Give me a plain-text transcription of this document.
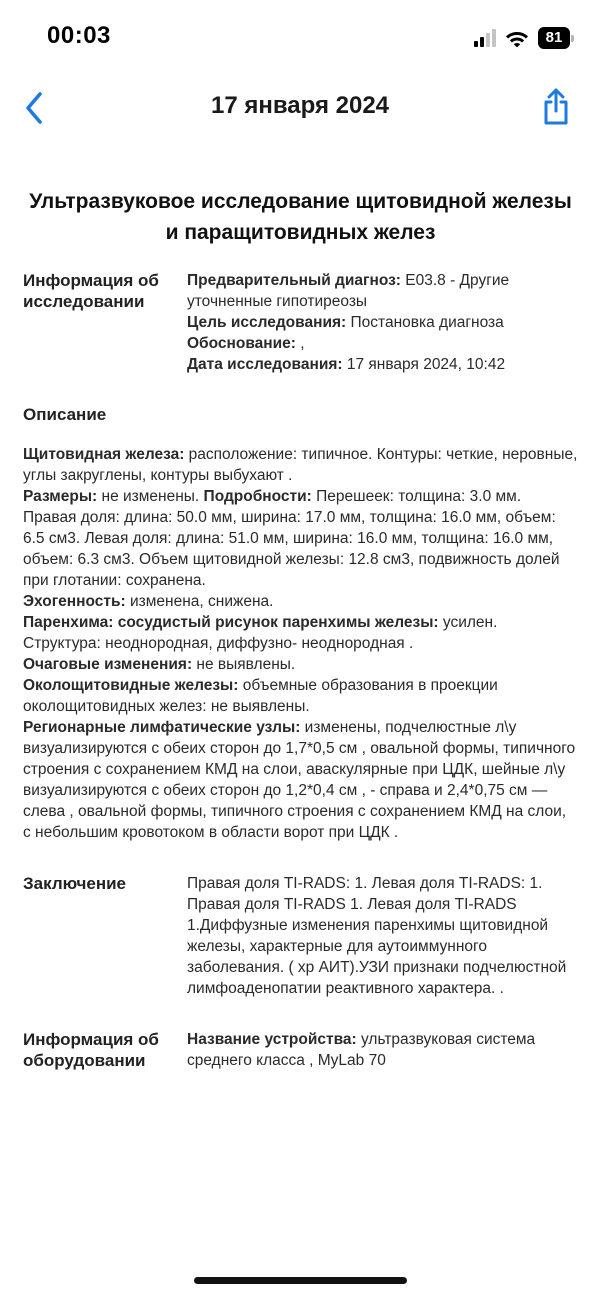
00:03	81
17 января 2024
Ультразвуковое исследование щитовидной железы и паращитовидных желез
Информация об исследовании
Предварительный диагноз: E03.8 - Другие уточненные гипотиреозы
Цель исследования: Постановка диагноза
Обоснование: ,
Дата исследования: 17 января 2024, 10:42
Описание

Щитовидная железа: расположение: типичное. Контуры: четкие, неровные, углы закруглены, контуры выбухают .

Размеры: не изменены. Подробности: Перешеек: толщина: 3.0 мм. Правая доля: длина: 50.0 мм, ширина: 17.0 мм, толщина: 16.0 мм, объем: 6.5 см3. Левая доля: длина: 51.0 мм, ширина: 16.0 мм, толщина: 16.0 мм, объем: 6.3 см3. Объем щитовидной железы: 12.8 см3, подвижность долей при глотании: сохранена.

Эхогенность: изменена, снижена.

Паренхима: сосудистый рисунок паренхимы железы: усилен. Структура: неоднородная, диффузно- неоднородная .

Очаговые изменения: не выявлены.

Околощитовидные железы: объемные образования в проекции околощитовидных желез: не выявлены.

Регионарные лимфатические узлы: изменены, подчелюстные л\у визуализируются с обеих сторон до 1,7*0,5 см , овальной формы, типичного строения с сохранением КМД на слои, аваскулярные при ЦДК, шейные л\у визуализируются с обеих сторон до 1,2*0,4 см , - справа и 2,4*0,75 см — слева , овальной формы, типичного строения с сохранением КМД на слои, с небольшим кровотоком в области ворот при ЦДК .

Заключение	Правая доля TI-RADS: 1. Левая доля TI-RADS: 1. Правая доля TI-RADS 1. Левая доля TI-RADS 1.Диффузные изменения паренхимы щитовидной железы, характерные для аутоиммунного заболевания. ( хр АИТ).УЗИ признаки подчелюстной лимфоаденопатии реактивного характера. .
Информация об оборудовании
Название устройства: ультразвуковая система среднего класса , MyLab 70
